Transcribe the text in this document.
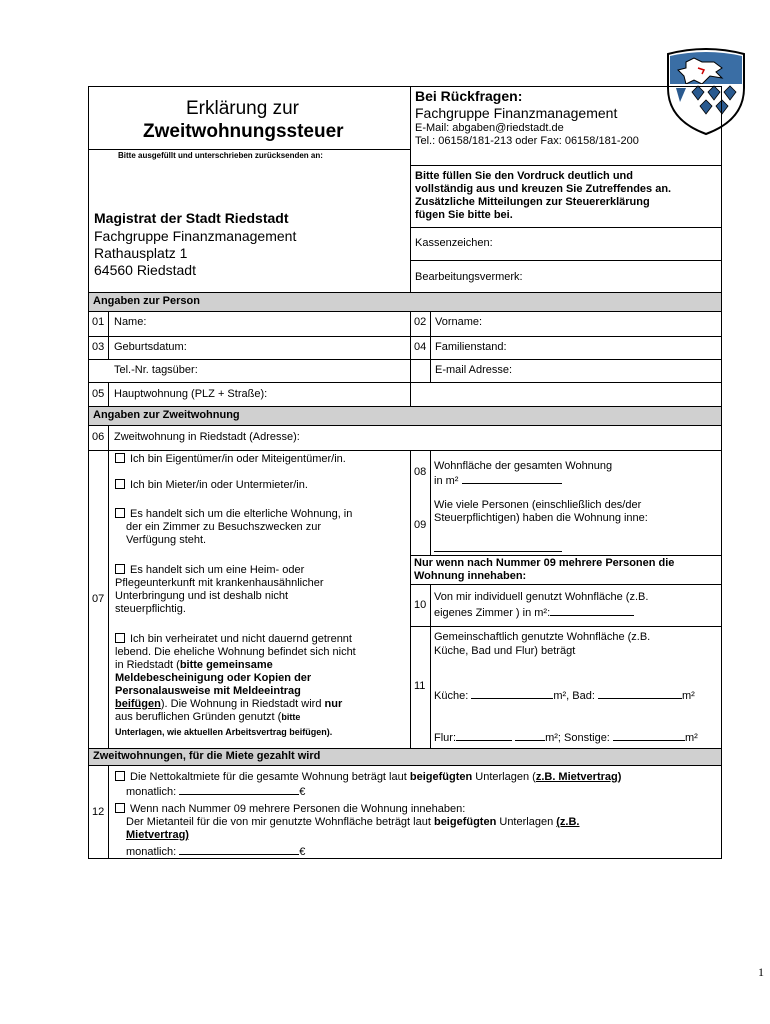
Erklärung zur
Zweitwohnungssteuer
Bitte ausgefüllt und unterschrieben zurücksenden an:
Bei Rückfragen:
Fachgruppe Finanzmanagement
E-Mail: abgaben@riedstadt.de
Tel.: 06158/181-213 oder Fax: 06158/181-200
Magistrat der Stadt Riedstadt
Fachgruppe Finanzmanagement
Rathausplatz 1
64560 Riedstadt
Bitte füllen Sie den Vordruck deutlich und
vollständig aus und kreuzen Sie Zutreffendes an.
Zusätzliche Mitteilungen zur Steuererklärung
fügen Sie bitte bei.
Kassenzeichen:
Bearbeitungsvermerk:
Angaben zur Person
01 Name:	02 Vorname:
03 Geburtsdatum:	04 Familienstand:
Tel.-Nr. tagsüber:	E-mail Adresse:
05 Hauptwohnung (PLZ + Straße):
Angaben zur Zweitwohnung
06 Zweitwohnung in Riedstadt (Adresse):
07
Ich bin Eigentümer/in oder Miteigentümer/in.
Ich bin Mieter/in oder Untermieter/in.
Es handelt sich um die elterliche Wohnung, in
der ein Zimmer zu Besuchszwecken zur
Verfügung steht.
Es handelt sich um eine Heim- oder
Pflegeunterkunft mit krankenhausähnlicher
Unterbringung und ist deshalb nicht
steuerpflichtig.
Ich bin verheiratet und nicht dauernd getrennt
lebend. Die eheliche Wohnung befindet sich nicht
in Riedstadt (bitte gemeinsame
Meldebescheinigung oder Kopien der
Personalausweise mit Meldeeintrag
beifügen). Die Wohnung in Riedstadt wird nur
aus beruflichen Gründen genutzt (bitte
Unterlagen, wie aktuellen Arbeitsvertrag beifügen).
08 Wohnfläche der gesamten Wohnung
in m²
09
Wie viele Personen (einschließlich des/der
Steuerpflichtigen) haben die Wohnung inne:
Nur wenn nach Nummer 09 mehrere Personen die
Wohnung innehaben:
10
Von mir individuell genutzt Wohnfläche (z.B.
eigenes Zimmer ) in m²:
Gemeinschaftlich genutzte Wohnfläche (z.B.
Küche, Bad und Flur) beträgt
11
Küche:	m², Bad:	m²
Flur:	m²; Sonstige:	m²
Zweitwohnungen, für die Miete gezahlt wird
12
Die Nettokaltmiete für die gesamte Wohnung beträgt laut beigefügten Unterlagen (z.B. Mietvertrag)
monatlich:	€
Wenn nach Nummer 09 mehrere Personen die Wohnung innehaben:
Der Mietanteil für die von mir genutzte Wohnfläche beträgt laut beigefügten Unterlagen (z.B.
Mietvertrag)
monatlich:	€
1
